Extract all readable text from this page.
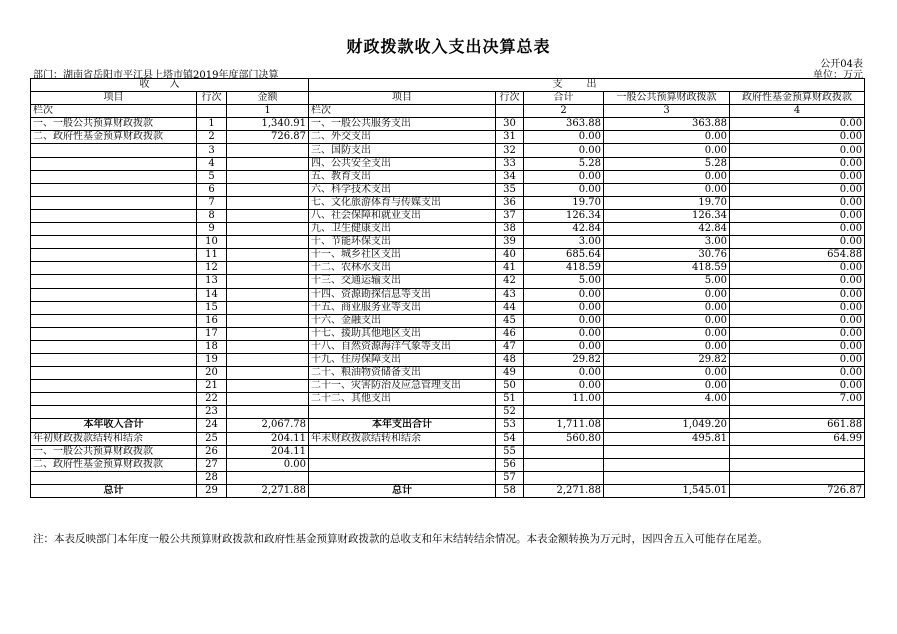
财政拨款收入支出决算总表
公开04表
部门：湖南省岳阳市平江县上塔市镇2019年度部门决算	单位：万元
收入			支出				
项目	行次	金额	项目	行次	合计	一般公共预算财政拨款	政府性基金预算财政拨款
栏次		1	栏次		2	3	4
一、一般公共预算财政拨款	1	1,340.91	一、一般公共服务支出	30	363.88	363.88	0.00
二、政府性基金预算财政拨款	2	726.87	二、外交支出	31	0.00	0.00	0.00
	3		三、国防支出	32	0.00	0.00	0.00
	4		四、公共安全支出	33	5.28	5.28	0.00
	5		五、教育支出	34	0.00	0.00	0.00
	6		六、科学技术支出	35	0.00	0.00	0.00
	7		七、文化旅游体育与传媒支出	36	19.70	19.70	0.00
	8		八、社会保障和就业支出	37	126.34	126.34	0.00
	9		九、卫生健康支出	38	42.84	42.84	0.00
	10		十、节能环保支出	39	3.00	3.00	0.00
	11		十一、城乡社区支出	40	685.64	30.76	654.88
	12		十二、农林水支出	41	418.59	418.59	0.00
	13		十三、交通运输支出	42	5.00	5.00	0.00
	14		十四、资源勘探信息等支出	43	0.00	0.00	0.00
	15		十五、商业服务业等支出	44	0.00	0.00	0.00
	16		十六、金融支出	45	0.00	0.00	0.00
	17		十七、援助其他地区支出	46	0.00	0.00	0.00
	18		十八、自然资源海洋气象等支出	47	0.00	0.00	0.00
	19		十九、住房保障支出	48	29.82	29.82	0.00
	20		二十、粮油物资储备支出	49	0.00	0.00	0.00
	21		二十一、灾害防治及应急管理支出	50	0.00	0.00	0.00
	22		二十二、其他支出	51	11.00	4.00	7.00
	23			52			
本年收入合计	24	2,067.78	本年支出合计	53	1,711.08	1,049.20	661.88
年初财政拨款结转和结余	25	204.11	年末财政拨款结转和结余	54	560.80	495.81	64.99
一、一般公共预算财政拨款	26	204.11		55			
二、政府性基金预算财政拨款	27	0.00		56			
	28			57			
总计	29	2,271.88	总计	58	2,271.88	1,545.01	726.87
注：本表反映部门本年度一般公共预算财政拨款和政府性基金预算财政拨款的总收支和年末结转结余情况。本表金额转换为万元时，因四舍五入可能存在尾差。
